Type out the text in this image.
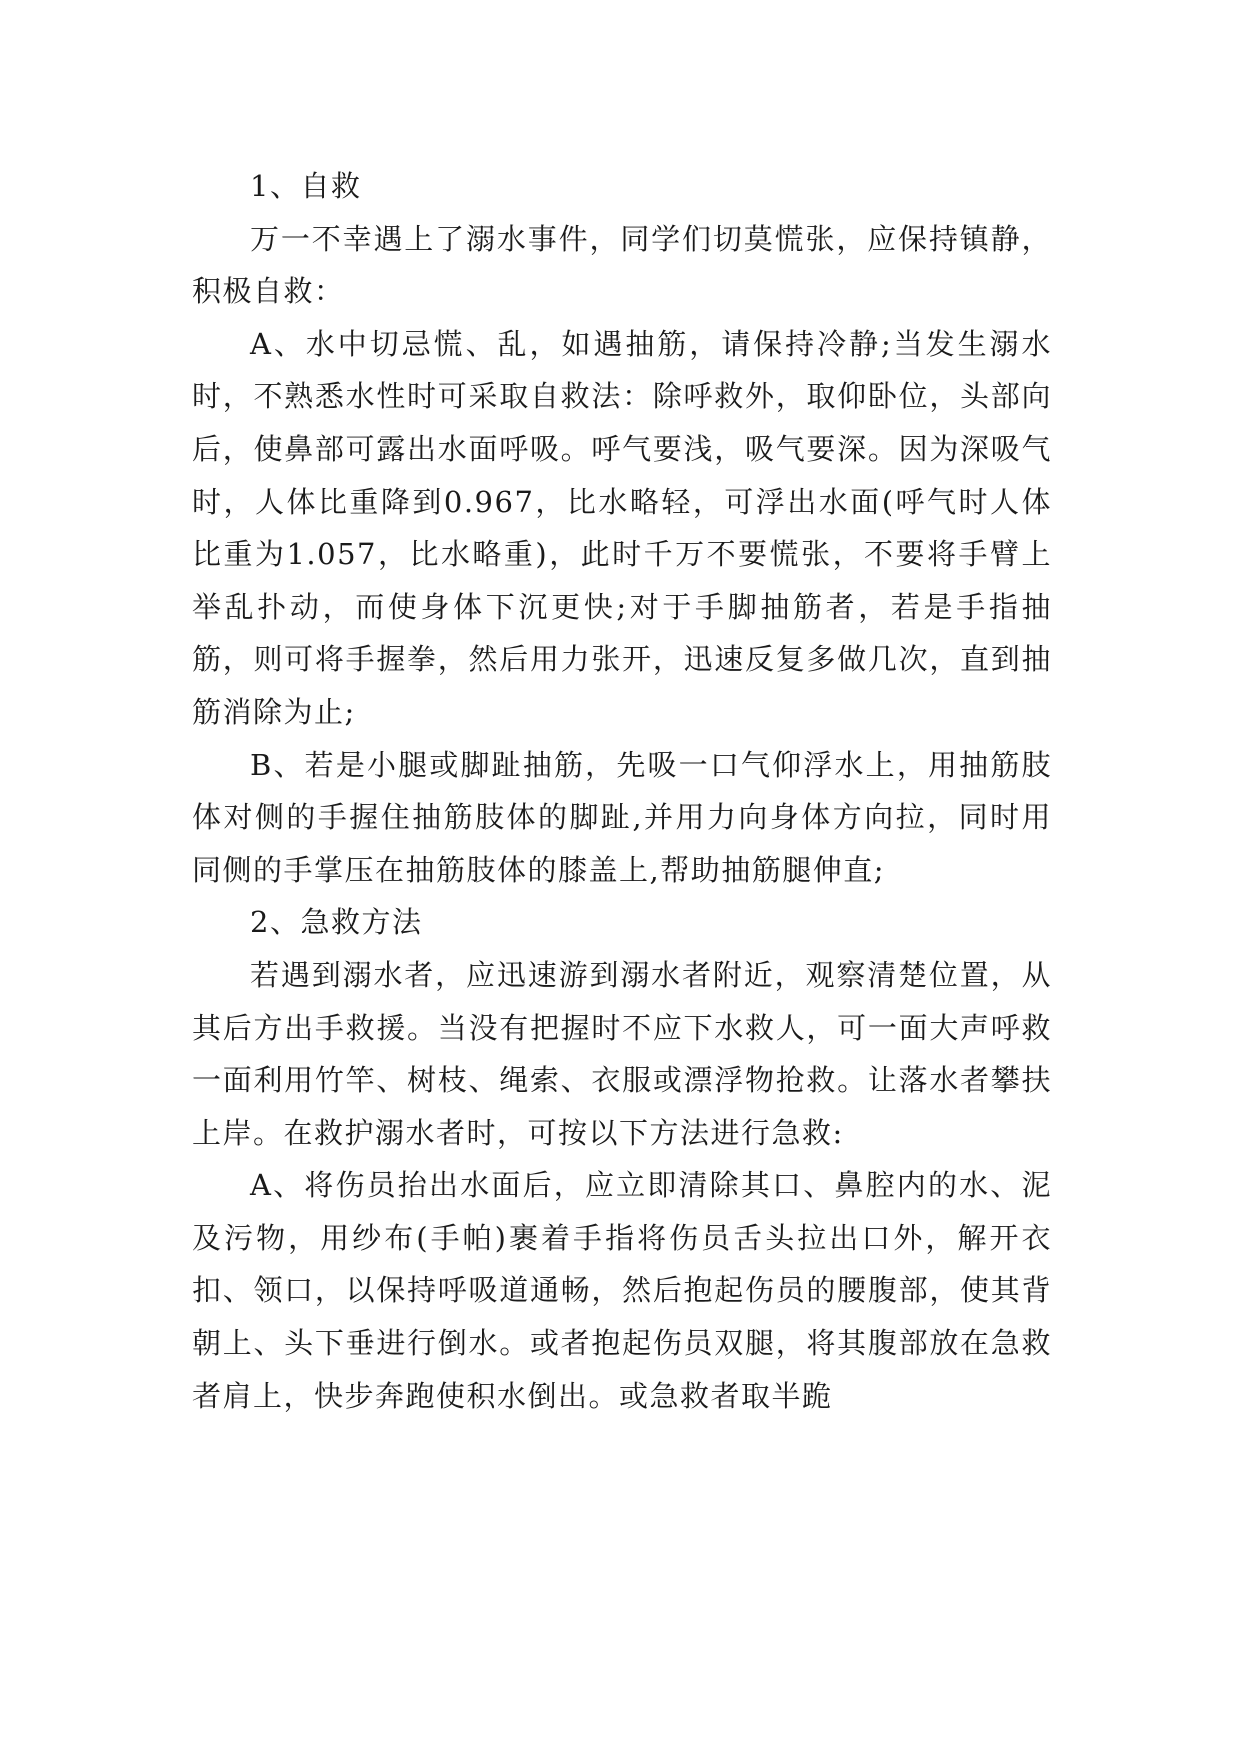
1、自救

万一不幸遇上了溺水事件，同学们切莫慌张，应保持镇静，积极自救：

A、水中切忌慌、乱，如遇抽筋，请保持冷静;当发生溺水时，不熟悉水性时可采取自救法：除呼救外，取仰卧位，头部向后，使鼻部可露出水面呼吸。呼气要浅，吸气要深。因为深吸气时，人体比重降到0.967，比水略轻，可浮出水面(呼气时人体比重为1.057，比水略重)，此时千万不要慌张，不要将手臂上举乱扑动，而使身体下沉更快;对于手脚抽筋者，若是手指抽筋，则可将手握拳，然后用力张开，迅速反复多做几次，直到抽筋消除为止;

B、若是小腿或脚趾抽筋，先吸一口气仰浮水上，用抽筋肢体对侧的手握住抽筋肢体的脚趾,并用力向身体方向拉，同时用同侧的手掌压在抽筋肢体的膝盖上,帮助抽筋腿伸直;

2、急救方法

若遇到溺水者，应迅速游到溺水者附近，观察清楚位置，从其后方出手救援。当没有把握时不应下水救人，可一面大声呼救一面利用竹竿、树枝、绳索、衣服或漂浮物抢救。让落水者攀扶上岸。在救护溺水者时，可按以下方法进行急救:

A、将伤员抬出水面后，应立即清除其口、鼻腔内的水、泥及污物，用纱布(手帕)裹着手指将伤员舌头拉出口外，解开衣扣、领口，以保持呼吸道通畅，然后抱起伤员的腰腹部，使其背朝上、头下垂进行倒水。或者抱起伤员双腿，将其腹部放在急救者肩上，快步奔跑使积水倒出。或急救者取半跪
